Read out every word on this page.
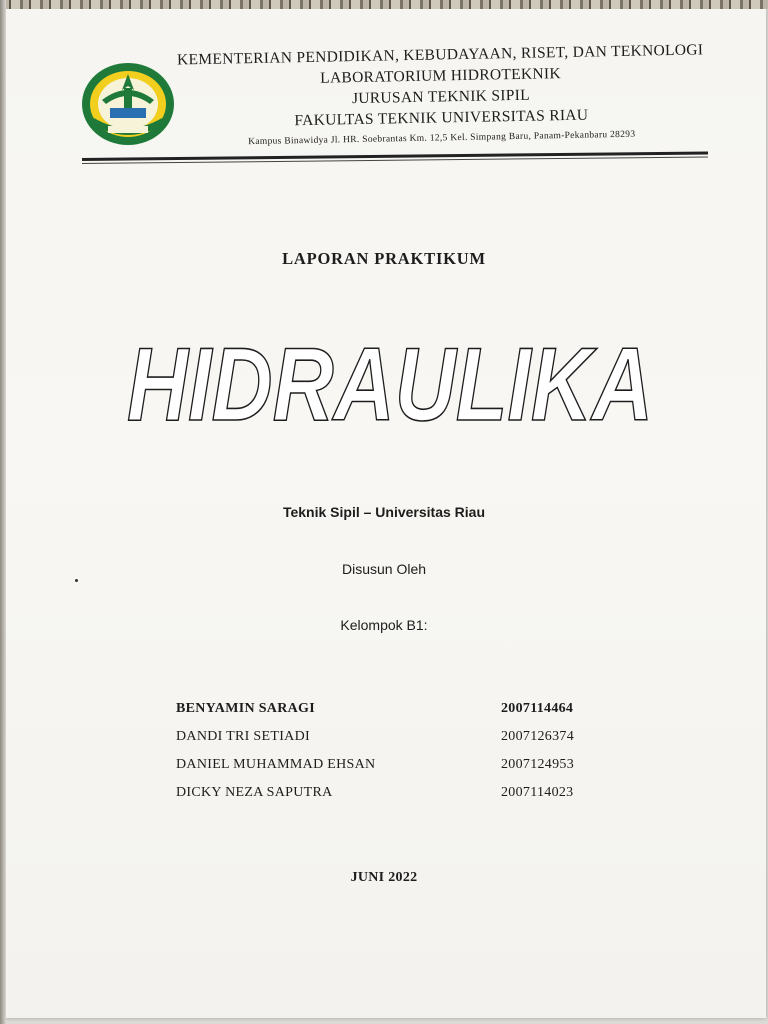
KEMENTERIAN PENDIDIKAN, KEBUDAYAAN, RISET, DAN TEKNOLOGI

LABORATORIUM HIDROTEKNIK

JURUSAN TEKNIK SIPIL

FAKULTAS TEKNIK UNIVERSITAS RIAU

Kampus Binawidya Jl. HR. Soebrantas Km. 12,5 Kel. Simpang Baru, Panam-Pekanbaru 28293

LAPORAN PRAKTIKUM
HIDRAULIKA
Teknik Sipil – Universitas Riau
Disusun Oleh
Kelompok B1:
BENYAMIN SARAGI	2007114464
DANDI TRI SETIADI	2007126374
DANIEL MUHAMMAD EHSAN	2007124953
DICKY NEZA SAPUTRA	2007114023
JUNI 2022
